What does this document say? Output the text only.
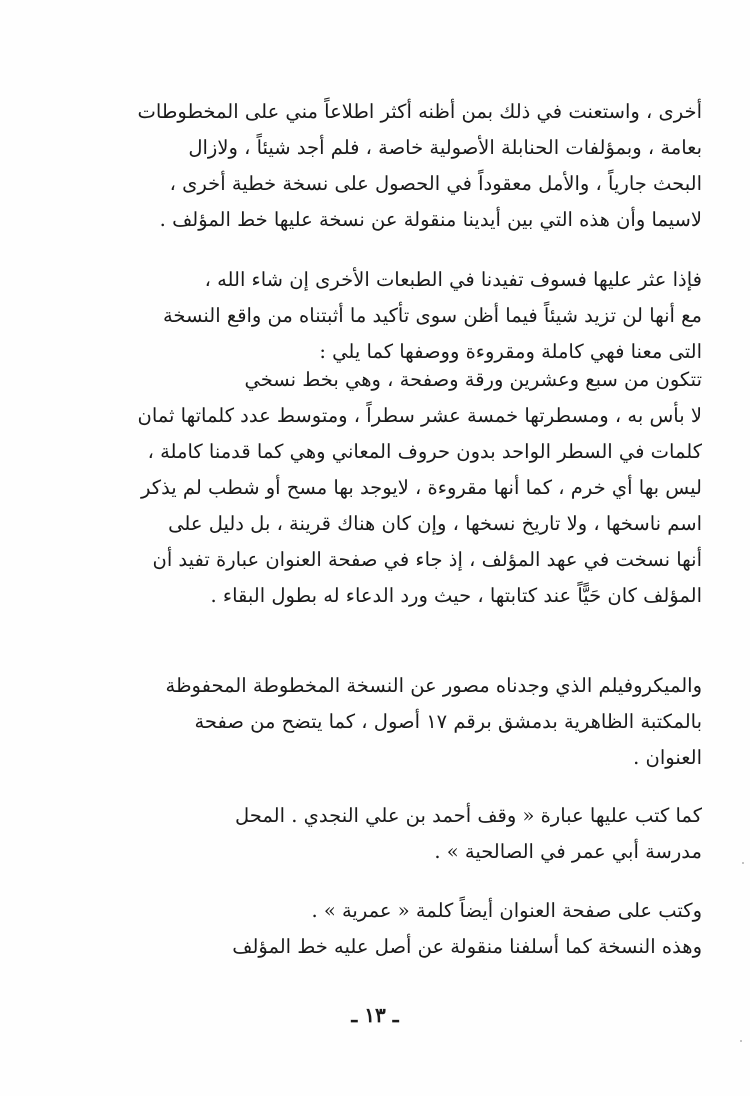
أخرى ، واستعنت في ذلك بمن أظنه أكثر اطلاعاً مني على المخطوطات
بعامة ، وبمؤلفات الحنابلة الأصولية خاصة ، فلم أجد شيئاً ، ولازال
البحث جارياً ، والأمل معقوداً في الحصول على نسخة خطية أخرى ،
لاسيما وأن هذه التي بين أيدينا منقولة عن نسخة عليها خط المؤلف .
فإذا عثر عليها فسوف تفيدنا في الطبعات الأخرى إن شاء الله ،
مع أنها لن تزيد شيئاً فيما أظن سوى تأكيد ما أثبتناه من واقع النسخة
التى معنا فهي كاملة ومقروءة ووصفها كما يلي :
تتكون من سبع وعشرين ورقة وصفحة ، وهي بخط نسخي
لا بأس به ، ومسطرتها خمسة عشر سطراً ، ومتوسط عدد كلماتها ثمان
كلمات في السطر الواحد بدون حروف المعاني وهي كما قدمنا كاملة ،
ليس بها أي خرم ، كما أنها مقروءة ، لايوجد بها مسح أو شطب لم يذكر
اسم ناسخها ، ولا تاريخ نسخها ، وإن كان هناك قرينة ، بل دليل على
أنها نسخت في عهد المؤلف ، إذ جاء في صفحة العنوان عبارة تفيد أن
المؤلف كان حَيًّاً عند كتابتها ، حيث ورد الدعاء له بطول البقاء .
والميكروفيلم الذي وجدناه مصور عن النسخة المخطوطة المحفوظة
بالمكتبة الظاهرية بدمشق برقم ١٧ أصول ، كما يتضح من صفحة
العنوان .
كما كتب عليها عبارة « وقف أحمد بن علي النجدي . المحل
مدرسة أبي عمر في الصالحية » .
وكتب على صفحة العنوان أيضاً كلمة « عمرية » .
وهذه النسخة كما أسلفنا منقولة عن أصل عليه خط المؤلف
ـ ١٣ ـ
